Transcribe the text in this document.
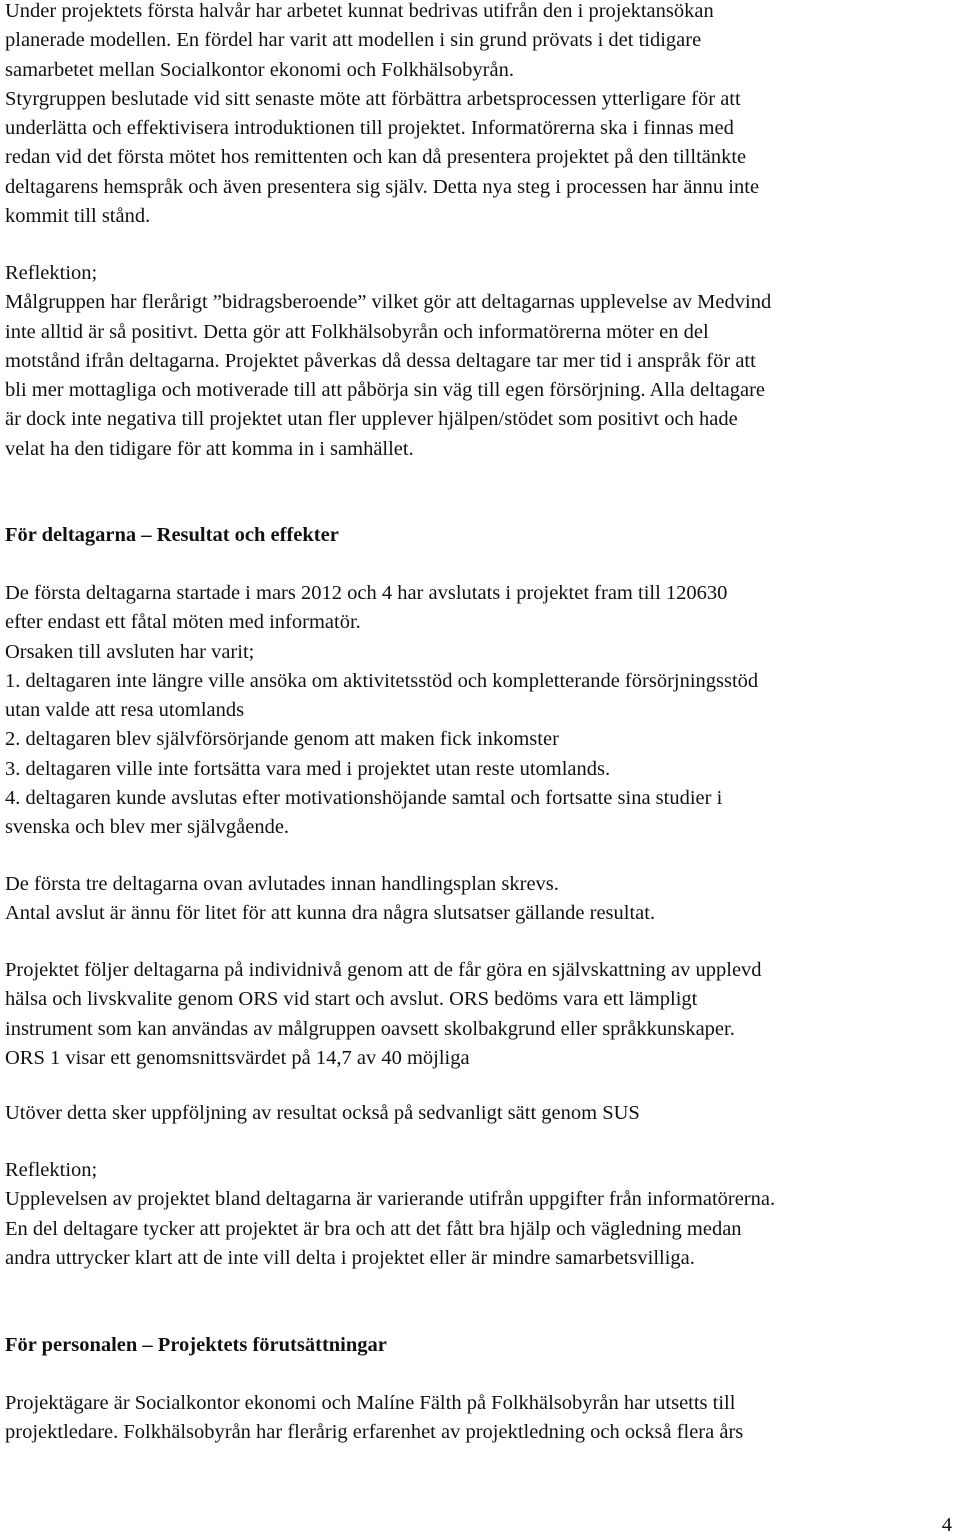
Under projektets första halvår har arbetet kunnat bedrivas utifrån den i projektansökan
planerade modellen. En fördel har varit att modellen i sin grund prövats i det tidigare
samarbetet mellan Socialkontor ekonomi och Folkhälsobyrån.
Styrgruppen beslutade vid sitt senaste möte att förbättra arbetsprocessen ytterligare för att
underlätta och effektivisera introduktionen till projektet. Informatörerna ska i finnas med
redan vid det första mötet hos remittenten och kan då presentera projektet på den tilltänkte
deltagarens hemspråk och även presentera sig själv. Detta nya steg i processen har ännu inte
kommit till stånd.
Reflektion;
Målgruppen har flerårigt ”bidragsberoende” vilket gör att deltagarnas upplevelse av Medvind
inte alltid är så positivt. Detta gör att Folkhälsobyrån och informatörerna möter en del
motstånd ifrån deltagarna. Projektet påverkas då dessa deltagare tar mer tid i anspråk för att
bli mer mottagliga och motiverade till att påbörja sin väg till egen försörjning. Alla deltagare
är dock inte negativa till projektet utan fler upplever hjälpen/stödet som positivt och hade
velat ha den tidigare för att komma in i samhället.
För deltagarna – Resultat och effekter
De första deltagarna startade i mars 2012 och 4 har avslutats i projektet fram till 120630
efter endast ett fåtal möten med informatör.
Orsaken till avsluten har varit;
1. deltagaren inte längre ville ansöka om aktivitetsstöd och kompletterande försörjningsstöd
utan valde att resa utomlands
2. deltagaren blev självförsörjande genom att maken fick inkomster
3. deltagaren ville inte fortsätta vara med i projektet utan reste utomlands.
4. deltagaren kunde avslutas efter motivationshöjande samtal och fortsatte sina studier i
svenska och blev mer självgående.
De första tre deltagarna ovan avlutades innan handlingsplan skrevs.
Antal avslut är ännu för litet för att kunna dra några slutsatser gällande resultat.
Projektet följer deltagarna på individnivå genom att de får göra en självskattning av upplevd
hälsa och livskvalite genom ORS vid start och avslut. ORS bedöms vara ett lämpligt
instrument som kan användas av målgruppen oavsett skolbakgrund eller språkkunskaper.
ORS 1 visar ett genomsnittsvärdet på 14,7 av 40 möjliga
Utöver detta sker uppföljning av resultat också på sedvanligt sätt genom SUS
Reflektion;
Upplevelsen av projektet bland deltagarna är varierande utifrån uppgifter från informatörerna.
En del deltagare tycker att projektet är bra och att det fått bra hjälp och vägledning medan
andra uttrycker klart att de inte vill delta i projektet eller är mindre samarbetsvilliga.
För personalen – Projektets förutsättningar
Projektägare är Socialkontor ekonomi och Malíne Fälth på Folkhälsobyrån har utsetts till
projektledare. Folkhälsobyrån har flerårig erfarenhet av projektledning och också flera års
4
